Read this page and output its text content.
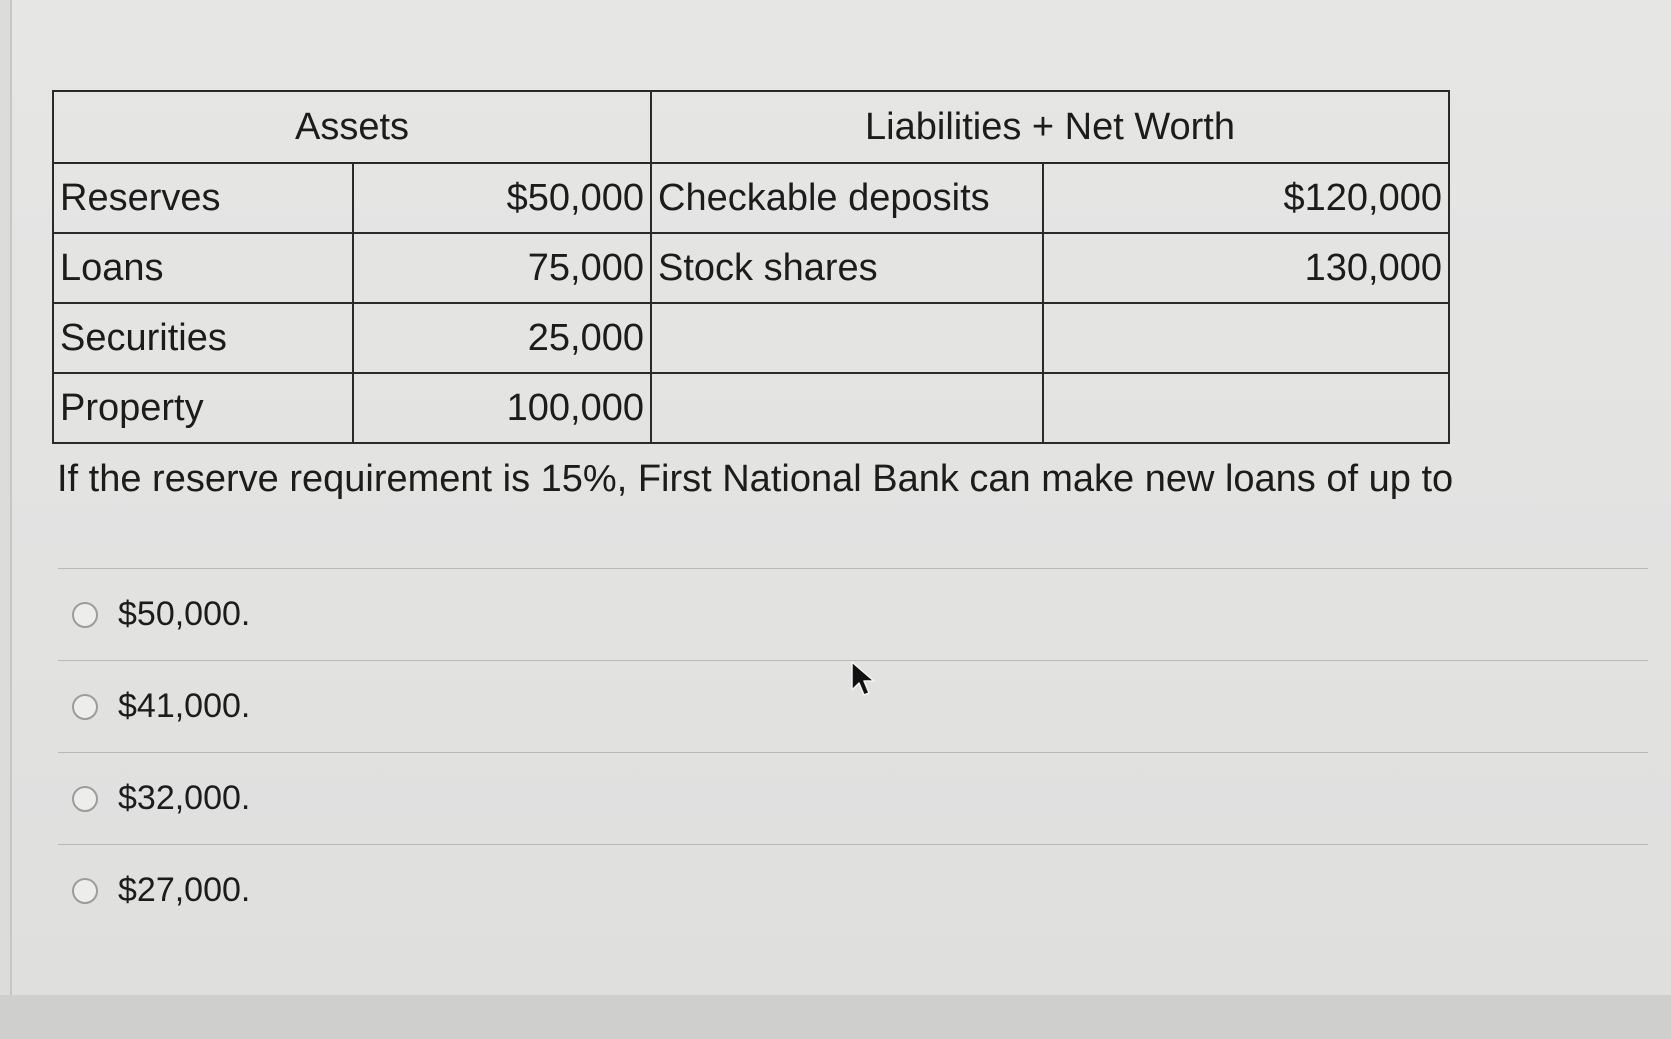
Assets		Liabilities + Net Worth	
Reserves	$50,000	Checkable deposits	$120,000
Loans	75,000	Stock shares	130,000
Securities	25,000		
Property	100,000		
If the reserve requirement is 15%, First National Bank can make new loans of up to
$50,000.
$41,000.
$32,000.
$27,000.
